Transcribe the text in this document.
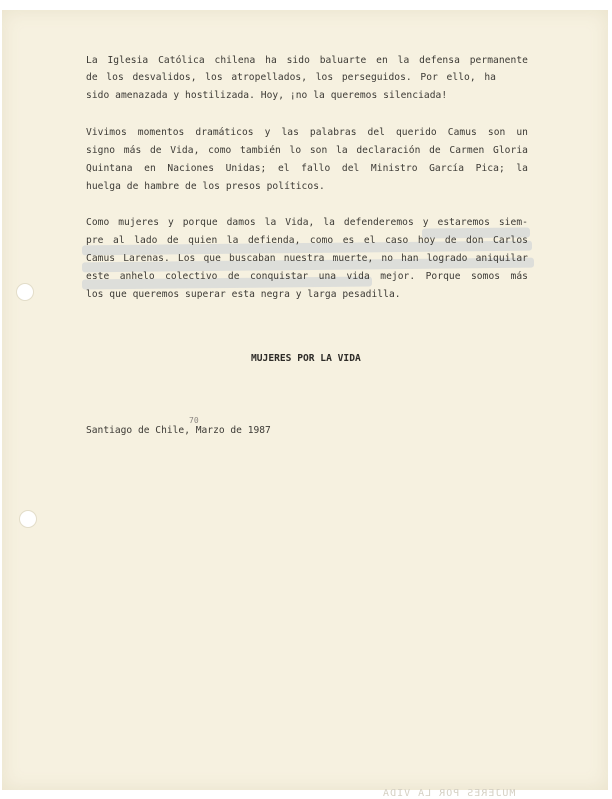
La Iglesia Católica chilena ha sido baluarte en la defensa permanente
de los desvalidos, los atropellados, los perseguidos. Por ello, ha
sido amenazada y hostilizada. Hoy, ¡no la queremos silenciada!
Vivimos momentos dramáticos y las palabras del querido Camus son un
signo más de Vida, como también lo son la declaración de Carmen Gloria
Quintana en Naciones Unidas; el fallo del Ministro García Pica; la
huelga de hambre de los presos políticos.
Como mujeres y porque damos la Vida, la defenderemos y estaremos siem-
pre al lado de quien la defienda, como es el caso hoy de don Carlos
Camus Larenas. Los que buscaban nuestra muerte, no han logrado aniquilar
este anhelo colectivo de conquistar una vida mejor. Porque somos más
los que queremos superar esta negra y larga pesadilla.
MUJERES POR LA VIDA
70
Santiago de Chile, Marzo de 1987
MUJERES POR LA VIDA
